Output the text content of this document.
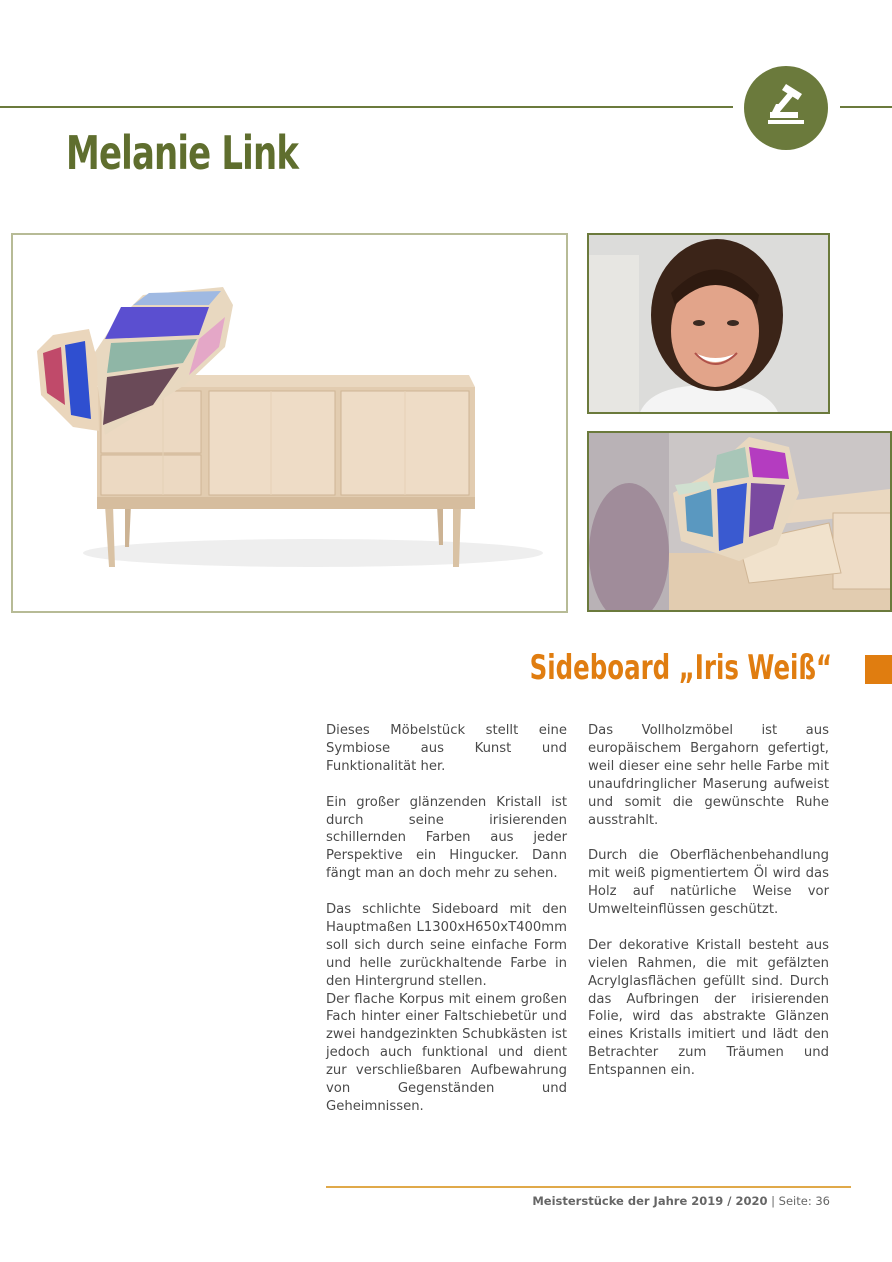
Melanie Link
Sideboard „Iris Weiß“

Dieses Möbelstück stellt eine Symbiose aus Kunst und Funktionalität her.

Ein großer glänzenden Kristall ist durch seine irisierenden schillernden Farben aus jeder Perspektive ein Hingucker. Dann fängt man an doch mehr zu sehen.

Das schlichte Sideboard mit den Hauptmaßen L1300xH650xT400mm soll sich durch seine einfache Form und helle zurückhaltende Farbe in den Hintergrund stellen.

Der flache Korpus mit einem großen Fach hinter einer Faltschiebetür und zwei handgezinkten Schubkästen ist jedoch auch funktional und dient zur verschließbaren Aufbewahrung von Gegenständen und Geheimnissen.

Das Vollholzmöbel ist aus europäischem Bergahorn gefertigt, weil dieser eine sehr helle Farbe mit unaufdringlicher Maserung aufweist und somit die gewünschte Ruhe ausstrahlt.

Durch die Oberflächenbehandlung mit weiß pigmentiertem Öl wird das Holz auf natürliche Weise vor Umwelteinflüssen geschützt.

Der dekorative Kristall besteht aus vielen Rahmen, die mit gefälzten Acrylglasflächen gefüllt sind. Durch das Aufbringen der irisierenden Folie, wird das abstrakte Glänzen eines Kristalls imitiert und lädt den Betrachter zum Träumen und Entspannen ein.

Meisterstücke der Jahre 2019 / 2020 | Seite: 36
